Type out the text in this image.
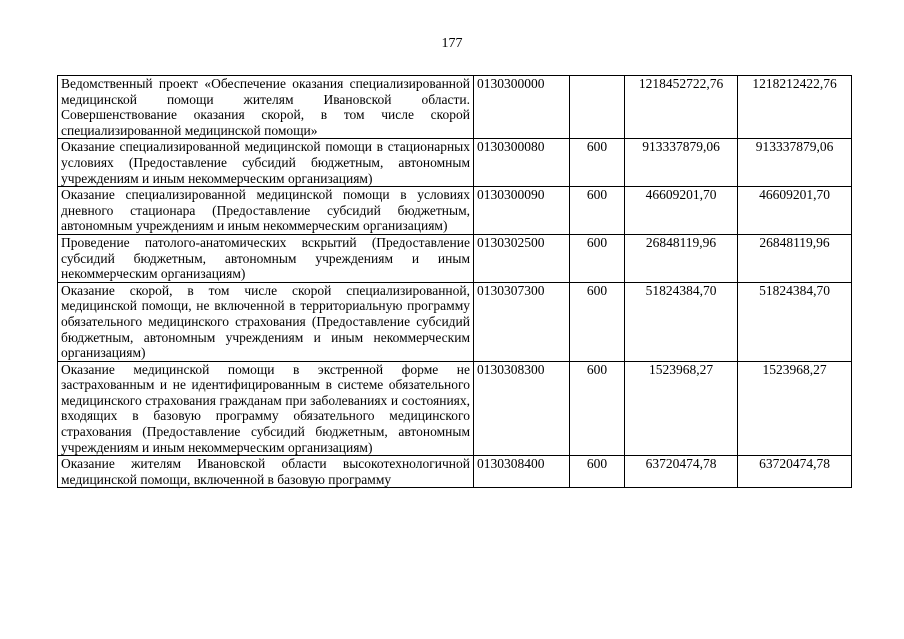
177
Ведомственный проект «Обеспечение оказания специализированной медицинской помощи жителям Ивановской области. Совершенствование оказания скорой, в том числе скорой специализированной медицинской помощи»	0130300000		1218452722,76	1218212422,76
Оказание специализированной медицинской помощи в стационарных условиях (Предоставление субсидий бюджетным, автономным учреждениям и иным некоммерческим организациям)	0130300080	600	913337879,06	913337879,06
Оказание специализированной медицинской помощи в условиях дневного стационара (Предоставление субсидий бюджетным, автономным учреждениям и иным некоммерческим организациям)	0130300090	600	46609201,70	46609201,70
Проведение патолого-анатомических вскрытий (Предоставление субсидий бюджетным, автономным учреждениям и иным некоммерческим организациям)	0130302500	600	26848119,96	26848119,96
Оказание скорой, в том числе скорой специализированной, медицинской помощи, не включенной в территориальную программу обязательного медицинского страхования (Предоставление субсидий бюджетным, автономным учреждениям и иным некоммерческим организациям)	0130307300	600	51824384,70	51824384,70
Оказание медицинской помощи в экстренной форме не застрахованным и не идентифицированным в системе обязательного медицинского страхования гражданам при заболеваниях и состояниях, входящих в базовую программу обязательного медицинского страхования (Предоставление субсидий бюджетным, автономным учреждениям и иным некоммерческим организациям)	0130308300	600	1523968,27	1523968,27
Оказание жителям Ивановской области высокотехнологичной медицинской помощи, включенной в базовую программу	0130308400	600	63720474,78	63720474,78
